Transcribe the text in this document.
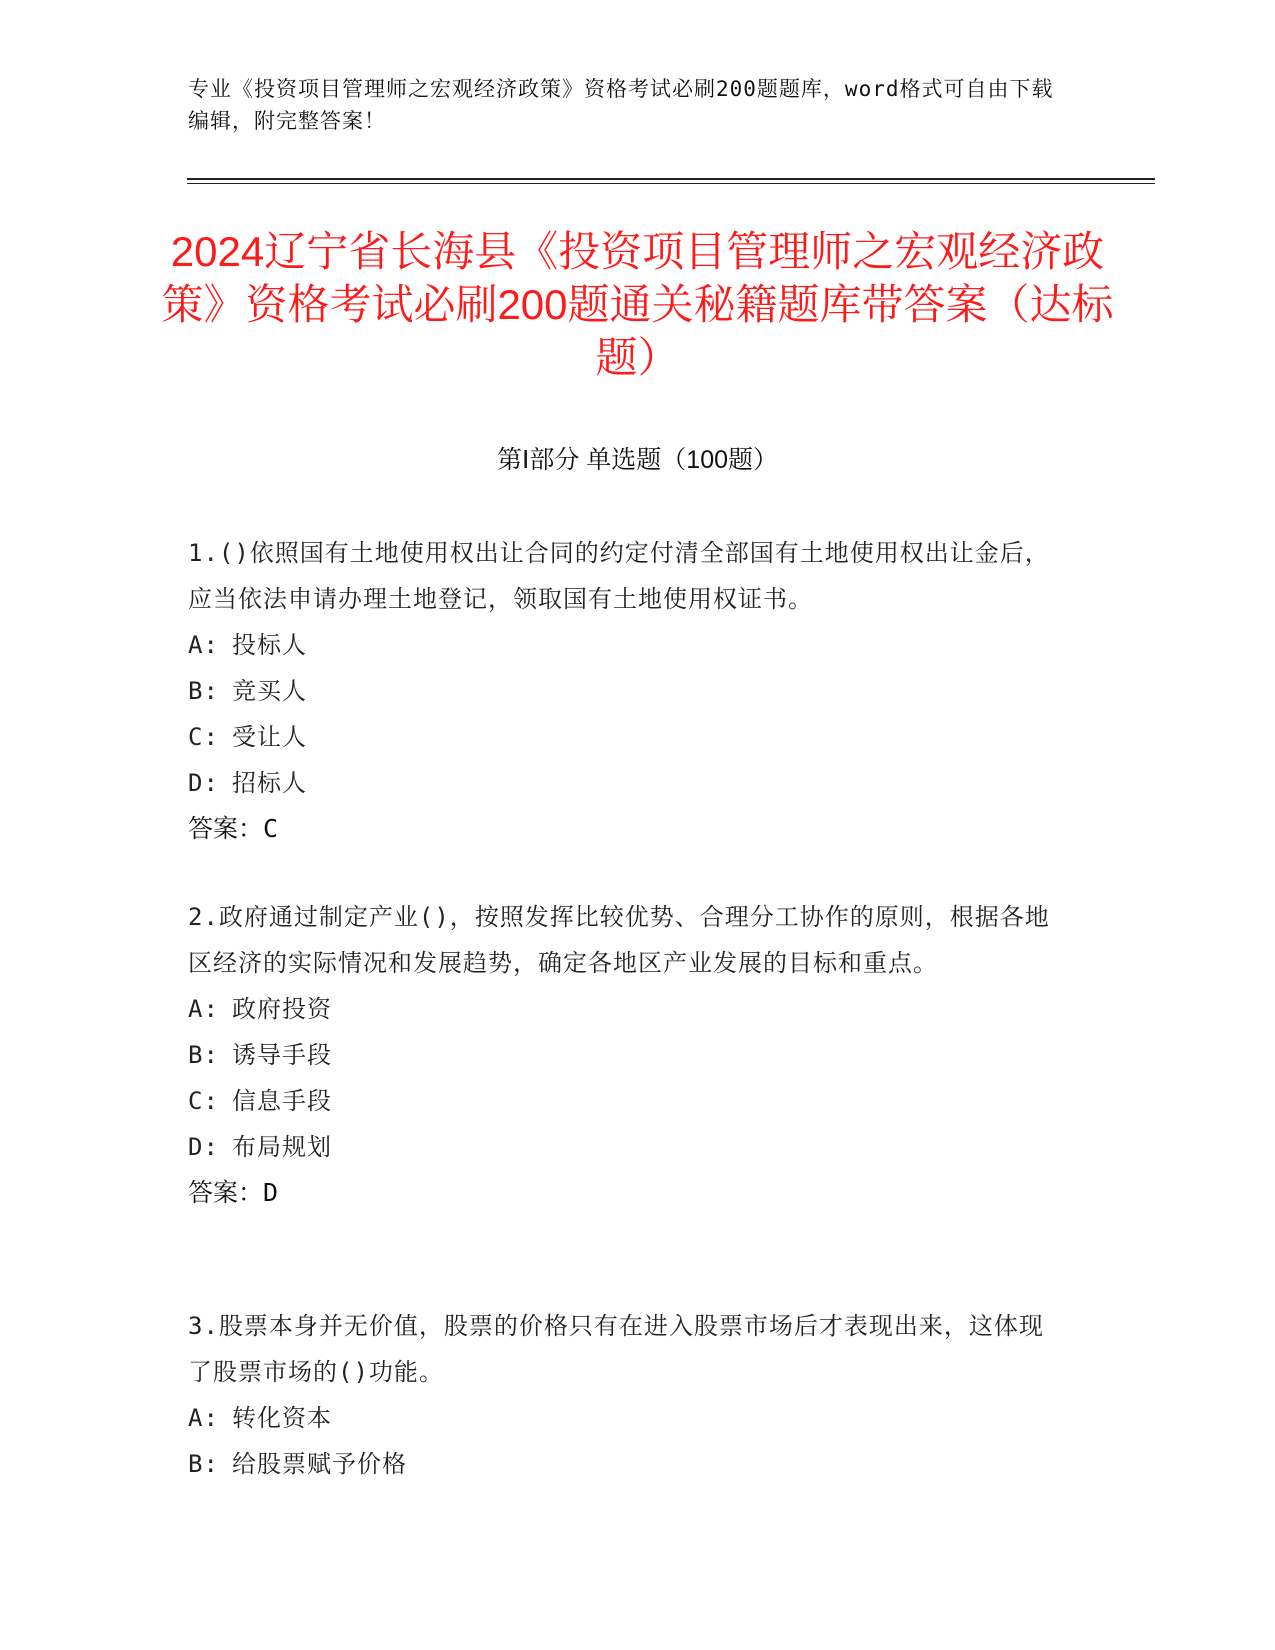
专业《投资项目管理师之宏观经济政策》资格考试必刷200题题库，word格式可自由下载编辑，附完整答案！
2024辽宁省长海县《投资项目管理师之宏观经济政策》资格考试必刷200题通关秘籍题库带答案（达标题）
第Ⅰ部分 单选题（100题）

1.()依照国有土地使用权出让合同的约定付清全部国有土地使用权出让金后，应当依法申请办理土地登记，领取国有土地使用权证书。

A: 投标人
B: 竞买人
C: 受让人
D: 招标人
答案：C

2.政府通过制定产业()，按照发挥比较优势、合理分工协作的原则，根据各地区经济的实际情况和发展趋势，确定各地区产业发展的目标和重点。

A: 政府投资
B: 诱导手段
C: 信息手段
D: 布局规划
答案：D

3.股票本身并无价值，股票的价格只有在进入股票市场后才表现出来，这体现了股票市场的()功能。

A: 转化资本
B: 给股票赋予价格
